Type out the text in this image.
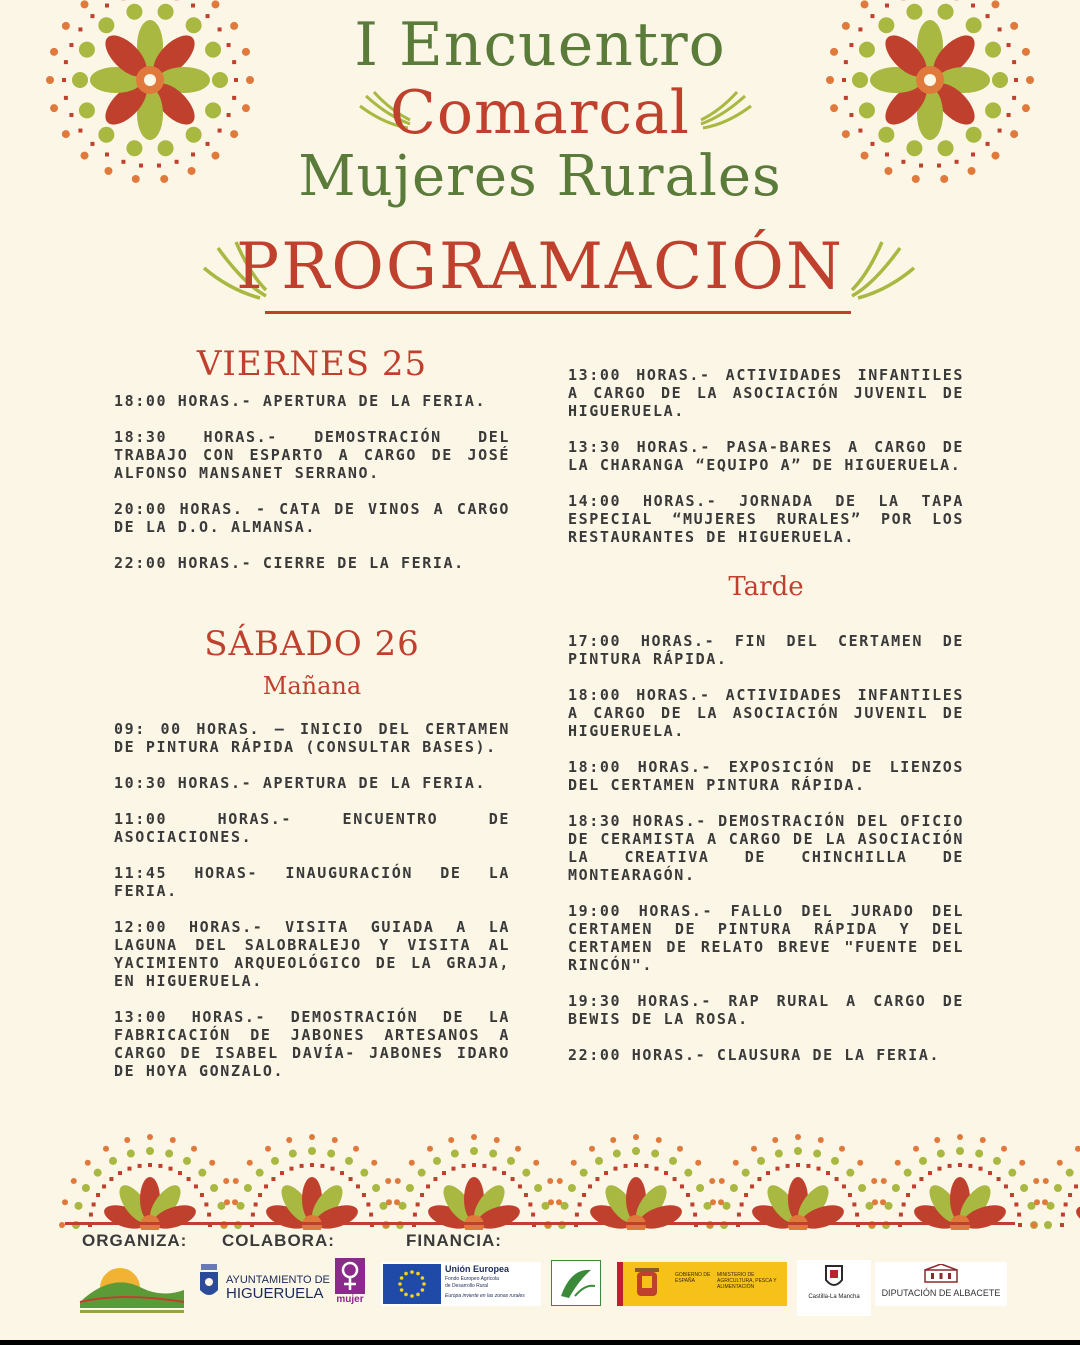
I Encuentro
Comarcal
Mujeres Rurales
PROGRAMACIÓN
VIERNES 25
18:00 HORAS.- APERTURA DE LA FERIA.
18:30 HORAS.- DEMOSTRACIÓN DEL TRABAJO CON ESPARTO A CARGO DE JOSÉ ALFONSO MANSANET SERRANO.
20:00 HORAS. - CATA DE VINOS A CARGO DE LA D.O. ALMANSA.
22:00 HORAS.- CIERRE DE LA FERIA.
SÁBADO 26
Mañana
09: 00 HORAS. – INICIO DEL CERTAMEN DE PINTURA RÁPIDA (CONSULTAR BASES).
10:30 HORAS.- APERTURA DE LA FERIA.
11:00 HORAS.- ENCUENTRO DE ASOCIACIONES.
11:45 HORAS- INAUGURACIÓN DE LA FERIA.
12:00 HORAS.- VISITA GUIADA A LA LAGUNA DEL SALOBRALEJO Y VISITA AL YACIMIENTO ARQUEOLÓGICO DE LA GRAJA, EN HIGUERUELA.
13:00 HORAS.- DEMOSTRACIÓN DE LA FABRICACIÓN DE JABONES ARTESANOS A CARGO DE ISABEL DAVÍA- JABONES IDARO DE HOYA GONZALO.
13:00 HORAS.- ACTIVIDADES INFANTILES A CARGO DE LA ASOCIACIÓN JUVENIL DE HIGUERUELA.
13:30 HORAS.- PASA-BARES A CARGO DE LA CHARANGA “EQUIPO A” DE HIGUERUELA.
14:00 HORAS.- JORNADA DE LA TAPA ESPECIAL “MUJERES RURALES” POR LOS RESTAURANTES DE HIGUERUELA.
Tarde
17:00 HORAS.- FIN DEL CERTAMEN DE PINTURA RÁPIDA.
18:00 HORAS.- ACTIVIDADES INFANTILES A CARGO DE LA ASOCIACIÓN JUVENIL DE HIGUERUELA.
18:00 HORAS.- EXPOSICIÓN DE LIENZOS DEL CERTAMEN PINTURA RÁPIDA.
18:30 HORAS.- DEMOSTRACIÓN DEL OFICIO DE CERAMISTA A CARGO DE LA ASOCIACIÓN LA CREATIVA DE CHINCHILLA DE MONTEARAGÓN.
19:00 HORAS.- FALLO DEL JURADO DEL CERTAMEN DE PINTURA RÁPIDA Y DEL CERTAMEN DE RELATO BREVE "FUENTE DEL RINCÓN".
19:30 HORAS.- RAP RURAL A CARGO DE BEWIS DE LA ROSA.
22:00 HORAS.- CLAUSURA DE LA FERIA.
ORGANIZA: COLABORA:	FINANCIA:
AYUNTAMIENTO DE
HIGUERUELA	mujer
Unión Europea
Fondo Europeo Agrícola
de Desarrollo Rural
Europa invierte en las zonas rurales
GOBIERNO DE ESPAÑA
MINISTERIO DE AGRICULTURA, PESCA Y ALIMENTACIÓN
Castilla-La Mancha	DIPUTACIÓN DE ALBACETE
